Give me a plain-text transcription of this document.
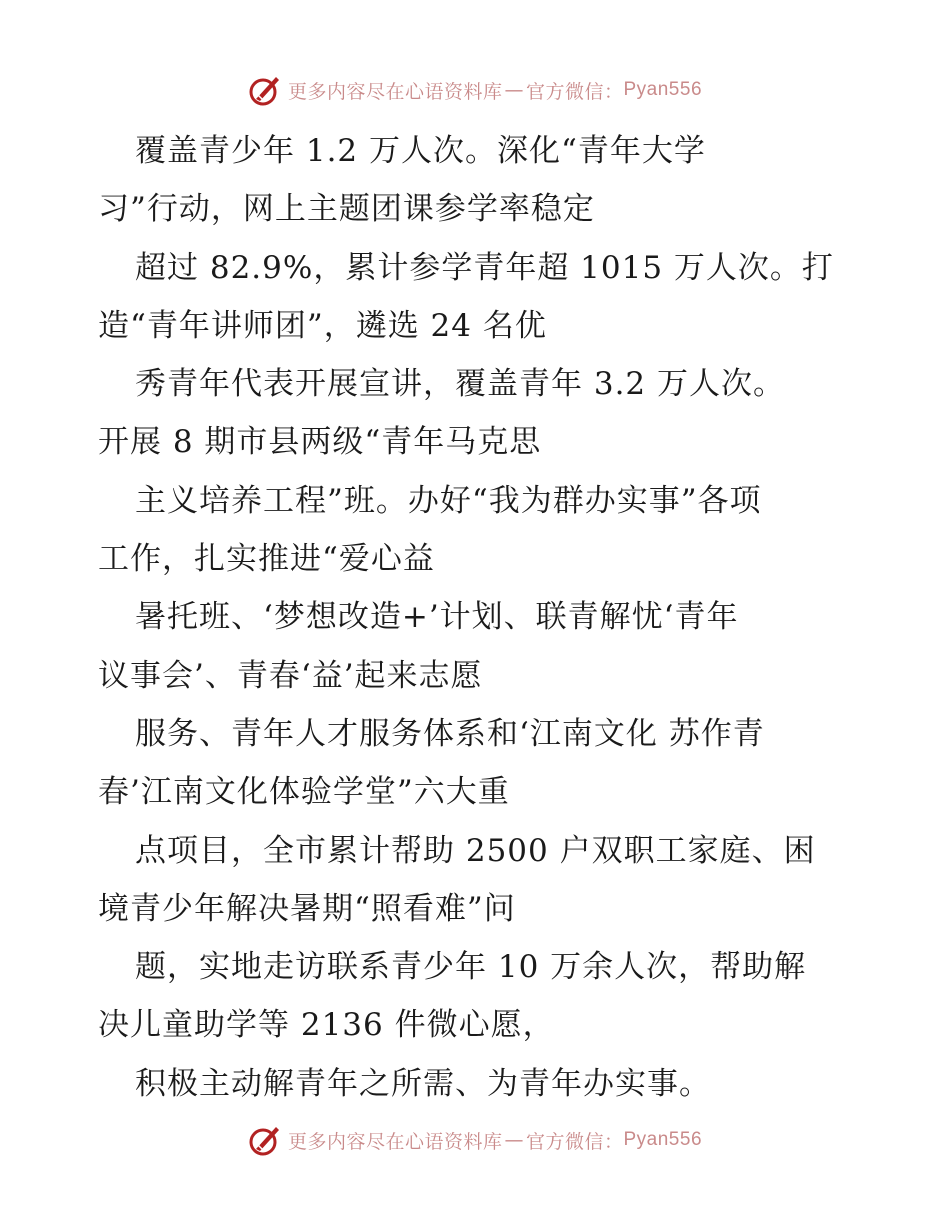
更多内容尽在心语资料库 — 官方微信： Pyan556
覆盖青少年 1.2 万人次。深化“青年大学
习”行动，网上主题团课参学率稳定
超过 82.9%，累计参学青年超 1015 万人次。打
造“青年讲师团”，遴选 24 名优
秀青年代表开展宣讲，覆盖青年 3.2 万人次。
开展 8 期市县两级“青年马克思
主义培养工程”班。办好“我为群办实事”各项
工作，扎实推进“爱心益
暑托班、‘梦想改造+’计划、联青解忧‘青年
议事会’、青春‘益’起来志愿
服务、青年人才服务体系和‘江南文化 苏作青
春’江南文化体验学堂”六大重
点项目，全市累计帮助 2500 户双职工家庭、困
境青少年解决暑期“照看难”问
题，实地走访联系青少年 10 万余人次，帮助解
决儿童助学等 2136 件微心愿，
积极主动解青年之所需、为青年办实事。
更多内容尽在心语资料库 — 官方微信： Pyan556
